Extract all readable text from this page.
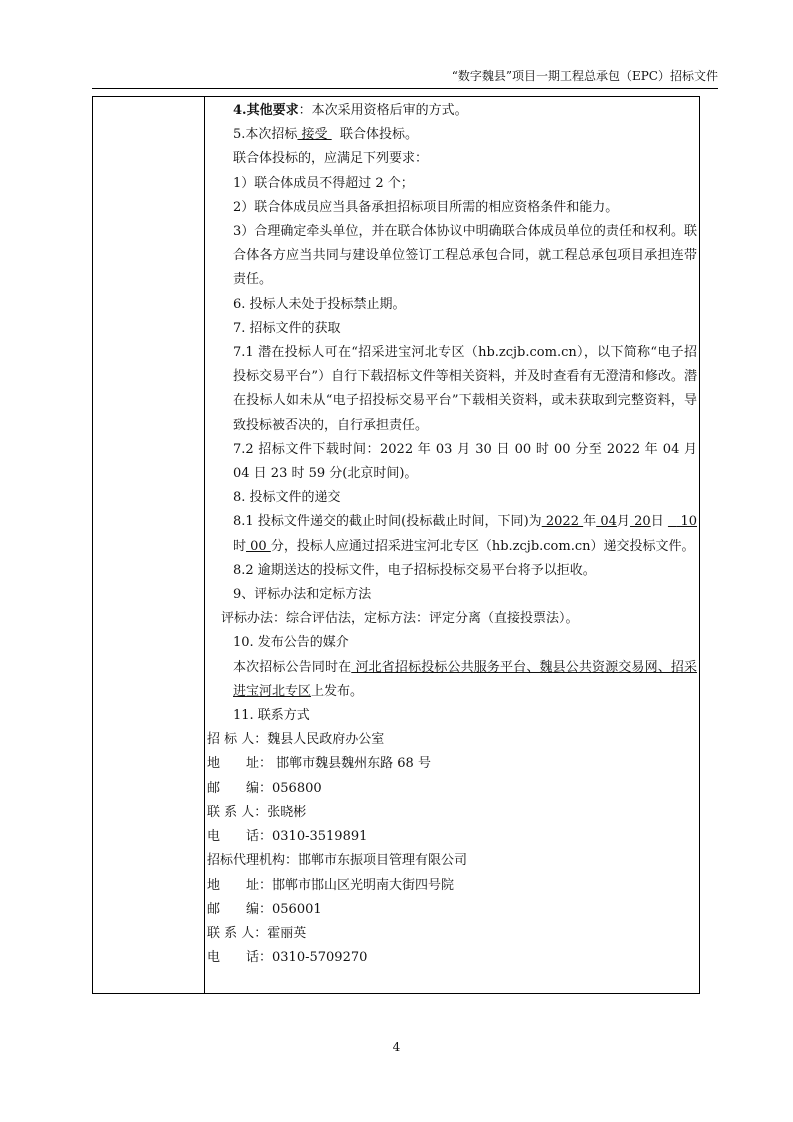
“数字魏县”项目一期工程总承包（EPC）招标文件

4.其他要求：本次采用资格后审的方式。

5.本次招标 接受   联合体投标。

联合体投标的，应满足下列要求：

1）联合体成员不得超过 2 个；

2）联合体成员应当具备承担招标项目所需的相应资格条件和能力。

3）合理确定牵头单位，并在联合体协议中明确联合体成员单位的责任和权利。联合体各方应当共同与建设单位签订工程总承包合同，就工程总承包项目承担连带责任。

6. 投标人未处于投标禁止期。

7. 招标文件的获取

7.1 潜在投标人可在“招采进宝河北专区（hb.zcjb.com.cn），以下简称“电子招投标交易平台”）自行下载招标文件等相关资料，并及时查看有无澄清和修改。潜在投标人如未从“电子招投标交易平台”下载相关资料，或未获取到完整资料，导致投标被否决的，自行承担责任。

7.2 招标文件下载时间：2022 年 03 月 30 日 00 时 00 分至 2022 年 04 月 04 日 23 时 59 分(北京时间)。

8. 投标文件的递交

8.1 投标文件递交的截止时间(投标截止时间，下同)为 2022 年 04月 20日    10 时 00 分，投标人应通过招采进宝河北专区（hb.zcjb.com.cn）递交投标文件。

8.2 逾期送达的投标文件，电子招标投标交易平台将予以拒收。

9、评标办法和定标方法

评标办法：综合评估法，定标方法：评定分离（直接投票法）。

10. 发布公告的媒介

本次招标公告同时在 河北省招标投标公共服务平台、魏县公共资源交易网、招采进宝河北专区上发布。

11. 联系方式

招 标 人：魏县人民政府办公室

地　　址： 邯郸市魏县魏州东路 68 号

邮　　编：056800

联 系 人：张晓彬

电　　话：0310-3519891

招标代理机构：邯郸市东振项目管理有限公司

地　　址：邯郸市邯山区光明南大街四号院

邮　　编：056001

联 系 人：霍丽英

电　　话：0310-5709270

4
